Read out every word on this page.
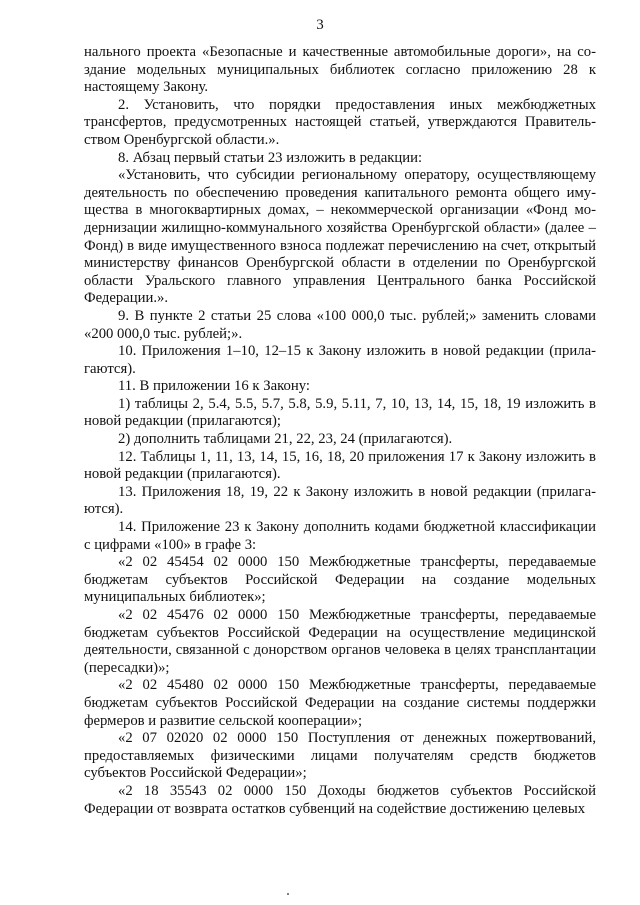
3

нального проекта «Безопасные и качественные автомобильные дороги», на создание модельных муниципальных библиотек согласно приложению 28 к настоящему Закону.

2. Установить, что порядки предоставления иных межбюджетных трансфертов, предусмотренных настоящей статьей, утверждаются Правительством Оренбургской области.».

8. Абзац первый статьи 23 изложить в редакции:

«Установить, что субсидии региональному оператору, осуществляющему деятельность по обеспечению проведения капитального ремонта общего имущества в многоквартирных домах, – некоммерческой организации «Фонд модернизации жилищно-коммунального хозяйства Оренбургской области» (далее – Фонд) в виде имущественного взноса подлежат перечислению на счет, открытый министерству финансов Оренбургской области в отделении по Оренбургской области Уральского главного управления Центрального банка Российской Федерации.».

9. В пункте 2 статьи 25 слова «100 000,0 тыс. рублей;» заменить словами «200 000,0 тыс. рублей;».

10. Приложения 1–10, 12–15 к Закону изложить в новой редакции (прилагаются).

11. В приложении 16 к Закону:

1) таблицы 2, 5.4, 5.5, 5.7, 5.8, 5.9, 5.11, 7, 10, 13, 14, 15, 18, 19 изложить в новой редакции (прилагаются);

2) дополнить таблицами 21, 22, 23, 24 (прилагаются).

12. Таблицы 1, 11, 13, 14, 15, 16, 18, 20 приложения 17 к Закону изложить в новой редакции (прилагаются).

13. Приложения 18, 19, 22 к Закону изложить в новой редакции (прилагаются).

14. Приложение 23 к Закону дополнить кодами бюджетной классификации с цифрами «100» в графе 3:

«2 02 45454 02 0000 150 Межбюджетные трансферты, передаваемые бюджетам субъектов Российской Федерации на создание модельных муниципальных библиотек»;

«2 02 45476 02 0000 150 Межбюджетные трансферты, передаваемые бюджетам субъектов Российской Федерации на осуществление медицинской деятельности, связанной с донорством органов человека в целях трансплантации (пересадки)»;

«2 02 45480 02 0000 150 Межбюджетные трансферты, передаваемые бюджетам субъектов Российской Федерации на создание системы поддержки фермеров и развитие сельской кооперации»;

«2 07 02020 02 0000 150 Поступления от денежных пожертвований, предоставляемых физическими лицами получателям средств бюджетов субъектов Российской Федерации»;

«2 18 35543 02 0000 150 Доходы бюджетов субъектов Российской Федерации от возврата остатков субвенций на содействие достижению целевых
